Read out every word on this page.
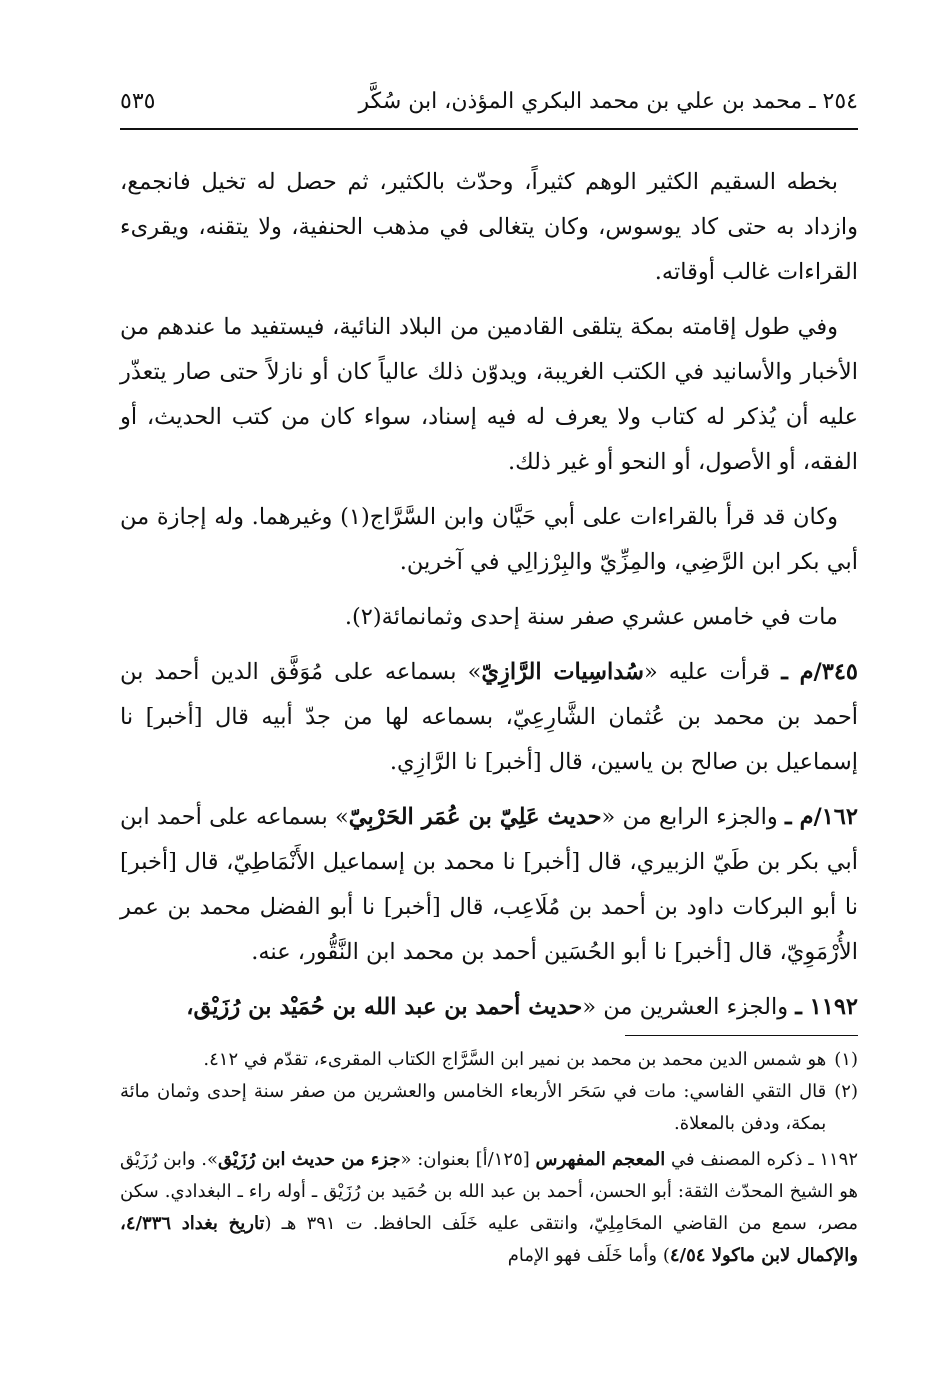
٢٥٤ ـ محمد بن علي بن محمد البكري المؤذن، ابن سُكَّر
٥٣٥

بخطه السقيم الكثير الوهم كثيراً، وحدّث بالكثير، ثم حصل له تخيل فانجمع، وازداد به حتى كاد يوسوس، وكان يتغالى في مذهب الحنفية، ولا يتقنه، ويقرىء القراءات غالب أوقاته.

وفي طول إقامته بمكة يتلقى القادمين من البلاد النائية، فيستفيد ما عندهم من الأخبار والأسانيد في الكتب الغريبة، ويدوّن ذلك عالياً كان أو نازلاً حتى صار يتعذّر عليه أن يُذكر له كتاب ولا يعرف له فيه إسناد، سواء كان من كتب الحديث، أو الفقه، أو الأصول، أو النحو أو غير ذلك.

وكان قد قرأ بالقراءات على أبي حَيَّان وابن السَّرَّاج(١) وغيرهما. وله إجازة من أبي بكر ابن الرَّضِي، والمِزِّيّ والبِرْزالِي في آخرين.

مات في خامس عشري صفر سنة إحدى وثمانمائة(٢).

٣٤٥/م ـ قرأت عليه «سُداسِيات الرَّازِيّ» بسماعه على مُوَفَّق الدين أحمد بن أحمد بن محمد بن عُثمان الشَّارِعِيّ، بسماعه لها من جدّ أبيه قال [أخبر] نا إسماعيل بن صالح بن ياسين، قال [أخبر] نا الرَّازِي.

١٦٢/م ـ والجزء الرابع من «حديث عَلِيّ بن عُمَر الحَرْبِيّ» بسماعه على أحمد ابن أبي بكر بن طَيّ الزبيري، قال [أخبر] نا محمد بن إسماعيل الأَنْمَاطِيّ، قال [أخبر] نا أبو البركات داود بن أحمد بن مُلَاعِب، قال [أخبر] نا أبو الفضل محمد بن عمر الأُرْمَوِيّ، قال [أخبر] نا أبو الحُسَين أحمد بن محمد ابن النَّقُّور، عنه.

١١٩٢ ـ والجزء العشرين من «حديث أحمد بن عبد الله بن حُمَيْد بن رُزَيْق،

(١)
هو شمس الدين محمد بن محمد بن نمير ابن السَّرَّاج الكتاب المقرىء، تقدّم في ٤١٢.

(٢)
قال التقي الفاسي: مات في سَحَر الأربعاء الخامس والعشرين من صفر سنة إحدى وثمان مائة بمكة، ودفن بالمعلاة.

١١٩٢ ـ ذكره المصنف في المعجم المفهرس [١٢٥/أ] بعنوان: «جزء من حديث ابن رُزَيْق». وابن رُزَيْق هو الشيخ المحدّث الثقة: أبو الحسن، أحمد بن عبد الله بن حُمَيد بن رُزَيْق ـ أوله راء ـ البغدادي. سكن مصر، سمع من القاضي المحَامِلِيّ، وانتقى عليه خَلَف الحافظ. ت ٣٩١ هـ (تاريخ بغداد ٤/٣٣٦، والإكمال لابن ماكولا ٤/٥٤) وأما خَلَف فهو الإمام
